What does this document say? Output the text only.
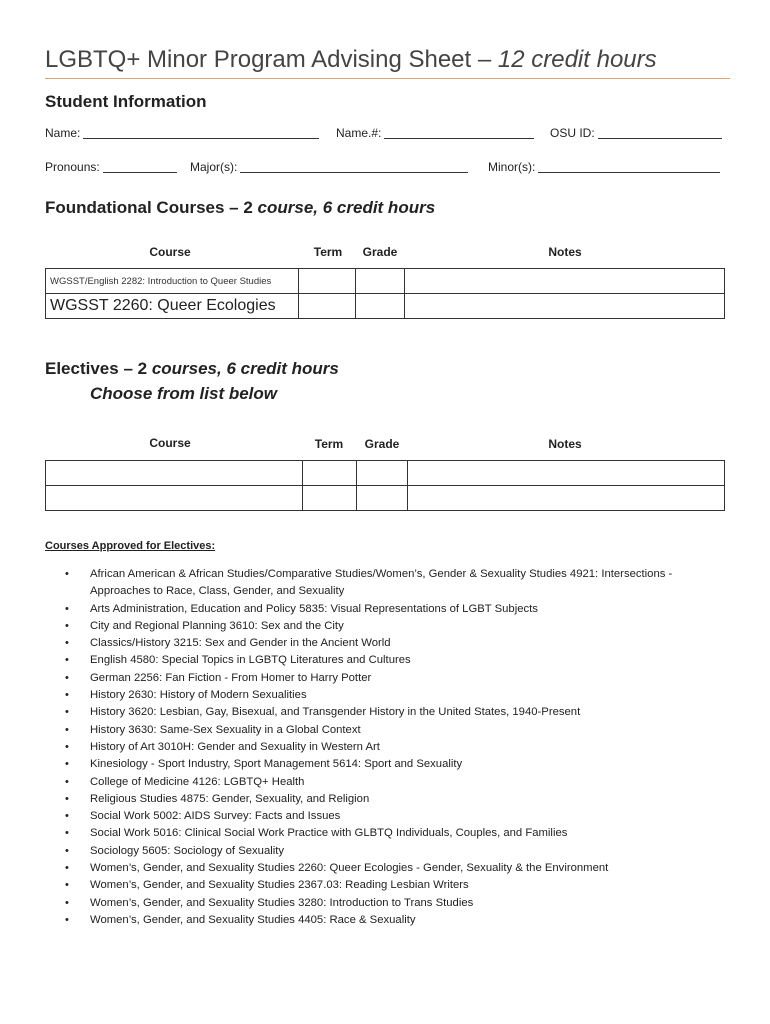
LGBTQ+ Minor Program Advising Sheet – 12 credit hours
Student Information
Name:	Name.#:	OSU ID:
Pronouns:	Major(s):	Minor(s):
Foundational Courses – 2 course, 6 credit hours
Course	Term	Grade	Notes
WGSST/English 2282: Introduction to Queer Studies			
WGSST 2260: Queer Ecologies			
Electives – 2 courses, 6 credit hours
Choose from list below
Course	Term	Grade	Notes

Courses Approved for Electives:
• African American & African Studies/Comparative Studies/Women’s, Gender & Sexuality Studies 4921: Intersections - Approaches to Race, Class, Gender, and Sexuality
• Arts Administration, Education and Policy 5835: Visual Representations of LGBT Subjects
• City and Regional Planning 3610: Sex and the City
• Classics/History 3215: Sex and Gender in the Ancient World
• English 4580: Special Topics in LGBTQ Literatures and Cultures
• German 2256: Fan Fiction - From Homer to Harry Potter
• History 2630: History of Modern Sexualities
• History 3620: Lesbian, Gay, Bisexual, and Transgender History in the United States, 1940-Present
• History 3630: Same-Sex Sexuality in a Global Context
• History of Art 3010H: Gender and Sexuality in Western Art
• Kinesiology - Sport Industry, Sport Management 5614: Sport and Sexuality
• College of Medicine 4126: LGBTQ+ Health
• Religious Studies 4875: Gender, Sexuality, and Religion
• Social Work 5002: AIDS Survey: Facts and Issues
• Social Work 5016: Clinical Social Work Practice with GLBTQ Individuals, Couples, and Families
• Sociology 5605: Sociology of Sexuality
• Women’s, Gender, and Sexuality Studies 2260: Queer Ecologies - Gender, Sexuality & the Environment
• Women’s, Gender, and Sexuality Studies 2367.03: Reading Lesbian Writers
• Women’s, Gender, and Sexuality Studies 3280: Introduction to Trans Studies
• Women’s, Gender, and Sexuality Studies 4405: Race & Sexuality
